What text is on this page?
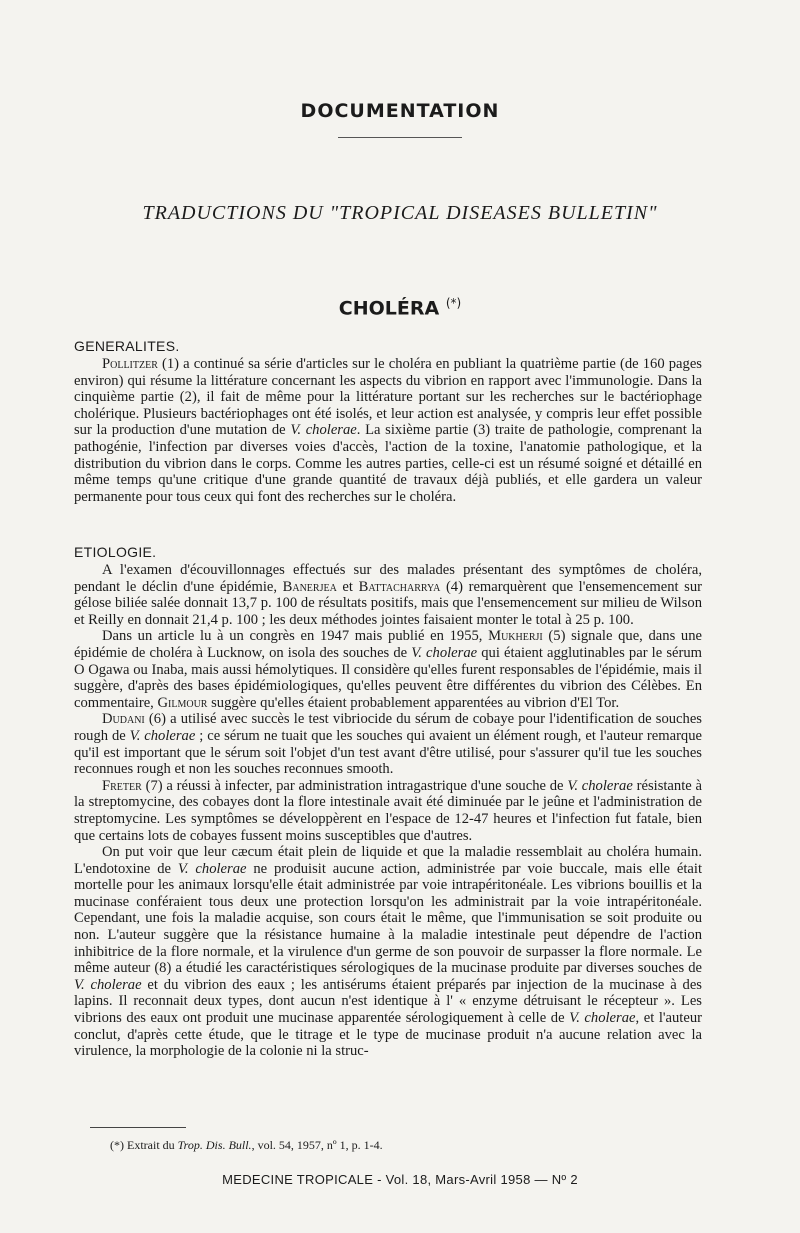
DOCUMENTATION
TRADUCTIONS DU "TROPICAL DISEASES BULLETIN"
CHOLÉRA (*)
GENERALITES.

Pollitzer (1) a continué sa série d'articles sur le choléra en publiant la quatrième partie (de 160 pages environ) qui résume la littérature concernant les aspects du vibrion en rapport avec l'immunologie. Dans la cinquième partie (2), il fait de même pour la littérature portant sur les recherches sur le bactériophage cholérique. Plusieurs bactériophages ont été isolés, et leur action est analysée, y compris leur effet possible sur la production d'une mutation de V. cholerae. La sixième partie (3) traite de pathologie, comprenant la pathogénie, l'infection par diverses voies d'accès, l'action de la toxine, l'anatomie pathologique, et la distribution du vibrion dans le corps. Comme les autres parties, celle-ci est un résumé soigné et détaillé en même temps qu'une critique d'une grande quantité de travaux déjà publiés, et elle gardera un valeur permanente pour tous ceux qui font des recherches sur le choléra.

ETIOLOGIE.

A l'examen d'écouvillonnages effectués sur des malades présentant des symptômes de choléra, pendant le déclin d'une épidémie, Banerjea et Battacharrya (4) remarquèrent que l'ensemencement sur gélose biliée salée donnait 13,7 p. 100 de résultats positifs, mais que l'ensemencement sur milieu de Wilson et Reilly en donnait 21,4 p. 100 ; les deux méthodes jointes faisaient monter le total à 25 p. 100.

Dans un article lu à un congrès en 1947 mais publié en 1955, Mukherji (5) signale que, dans une épidémie de choléra à Lucknow, on isola des souches de V. cholerae qui étaient agglutinables par le sérum O Ogawa ou Inaba, mais aussi hémolytiques. Il considère qu'elles furent responsables de l'épidémie, mais il suggère, d'après des bases épidémiologiques, qu'elles peuvent être différentes du vibrion des Célèbes. En commentaire, Gilmour suggère qu'elles étaient probablement apparentées au vibrion d'El Tor.

Dudani (6) a utilisé avec succès le test vibriocide du sérum de cobaye pour l'identification de souches rough de V. cholerae ; ce sérum ne tuait que les souches qui avaient un élément rough, et l'auteur remarque qu'il est important que le sérum soit l'objet d'un test avant d'être utilisé, pour s'assurer qu'il tue les souches reconnues rough et non les souches reconnues smooth.

Freter (7) a réussi à infecter, par administration intragastrique d'une souche de V. cholerae résistante à la streptomycine, des cobayes dont la flore intestinale avait été diminuée par le jeûne et l'administration de streptomycine. Les symptômes se développèrent en l'espace de 12-47 heures et l'infection fut fatale, bien que certains lots de cobayes fussent moins susceptibles que d'autres.

On put voir que leur cæcum était plein de liquide et que la maladie ressemblait au choléra humain. L'endotoxine de V. cholerae ne produisit aucune action, administrée par voie buccale, mais elle était mortelle pour les animaux lorsqu'elle était administrée par voie intrapéritonéale. Les vibrions bouillis et la mucinase conféraient tous deux une protection lorsqu'on les administrait par la voie intrapéritonéale. Cependant, une fois la maladie acquise, son cours était le même, que l'immunisation se soit produite ou non. L'auteur suggère que la résistance humaine à la maladie intestinale peut dépendre de l'action inhibitrice de la flore normale, et la virulence d'un germe de son pouvoir de surpasser la flore normale. Le même auteur (8) a étudié les caractéristiques sérologiques de la mucinase produite par diverses souches de V. cholerae et du vibrion des eaux ; les antisérums étaient préparés par injection de la mucinase à des lapins. Il reconnait deux types, dont aucun n'est identique à l' « enzyme détruisant le récepteur ». Les vibrions des eaux ont produit une mucinase apparentée sérologiquement à celle de V. cholerae, et l'auteur conclut, d'après cette étude, que le titrage et le type de mucinase produit n'a aucune relation avec la virulence, la morphologie de la colonie ni la struc-

(*) Extrait du Trop. Dis. Bull., vol. 54, 1957, nº 1, p. 1-4.
MEDECINE TROPICALE - Vol. 18, Mars-Avril 1958 — Nº 2
